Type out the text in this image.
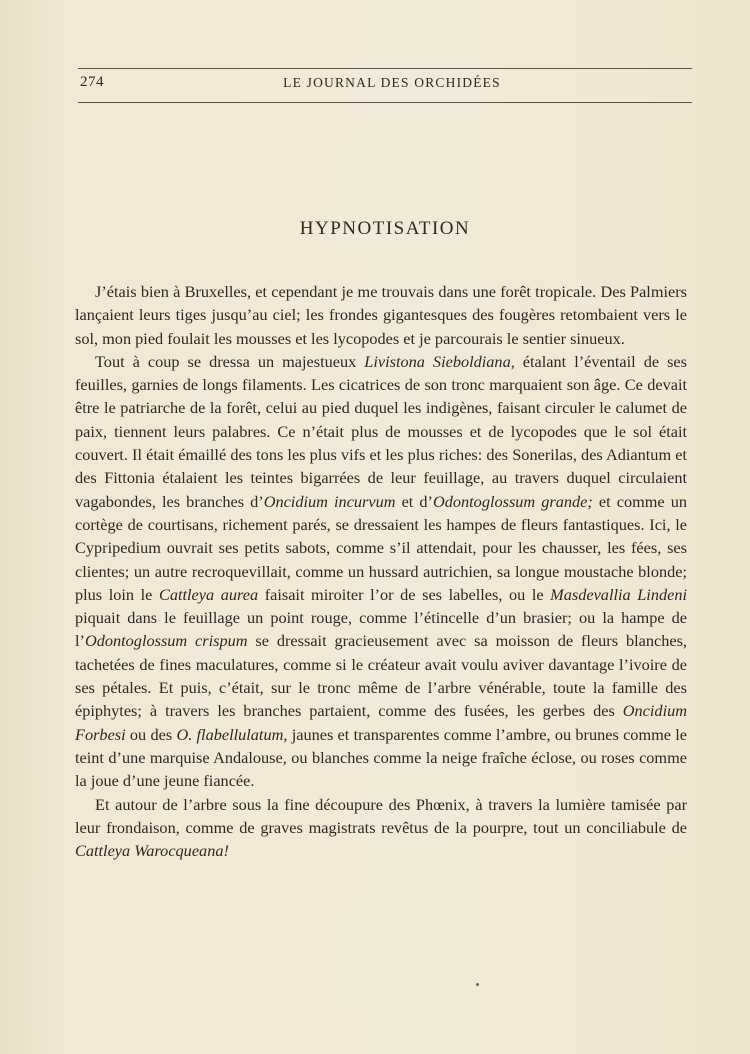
274	LE JOURNAL DES ORCHIDÉES
HYPNOTISATION

J’étais bien à Bruxelles, et cependant je me trouvais dans une forêt tropicale. Des Palmiers lançaient leurs tiges jusqu’au ciel; les frondes gigantesques des fougères retombaient vers le sol, mon pied foulait les mousses et les lycopodes et je parcourais le sentier sinueux.

Tout à coup se dressa un majestueux Livistona Sieboldiana, étalant l’éventail de ses feuilles, garnies de longs filaments. Les cicatrices de son tronc marquaient son âge. Ce devait être le patriarche de la forêt, celui au pied duquel les indigènes, faisant circuler le calumet de paix, tiennent leurs palabres. Ce n’était plus de mousses et de lycopodes que le sol était couvert. Il était émaillé des tons les plus vifs et les plus riches: des Sonerilas, des Adiantum et des Fittonia étalaient les teintes bigarrées de leur feuillage, au travers duquel circulaient vagabondes, les branches d’Oncidium incurvum et d’Odontoglossum grande; et comme un cortège de courtisans, richement parés, se dressaient les hampes de fleurs fantastiques. Ici, le Cypripedium ouvrait ses petits sabots, comme s’il attendait, pour les chausser, les fées, ses clientes; un autre recroquevillait, comme un hussard autrichien, sa longue moustache blonde; plus loin le Cattleya aurea faisait miroiter l’or de ses labelles, ou le Masdevallia Lindeni piquait dans le feuillage un point rouge, comme l’étincelle d’un brasier; ou la hampe de l’Odontoglossum crispum se dressait gracieusement avec sa moisson de fleurs blanches, tachetées de fines maculatures, comme si le créateur avait voulu aviver davantage l’ivoire de ses pétales. Et puis, c’était, sur le tronc même de l’arbre vénérable, toute la famille des épiphytes; à travers les branches partaient, comme des fusées, les gerbes des Oncidium Forbesi ou des O. flabellulatum, jaunes et transparentes comme l’ambre, ou brunes comme le teint d’une marquise Andalouse, ou blanches comme la neige fraîche éclose, ou roses comme la joue d’une jeune fiancée.

Et autour de l’arbre sous la fine découpure des Phœnix, à travers la lumière tamisée par leur frondaison, comme de graves magistrats revêtus de la pourpre, tout un conciliabule de Cattleya Warocqueana!
